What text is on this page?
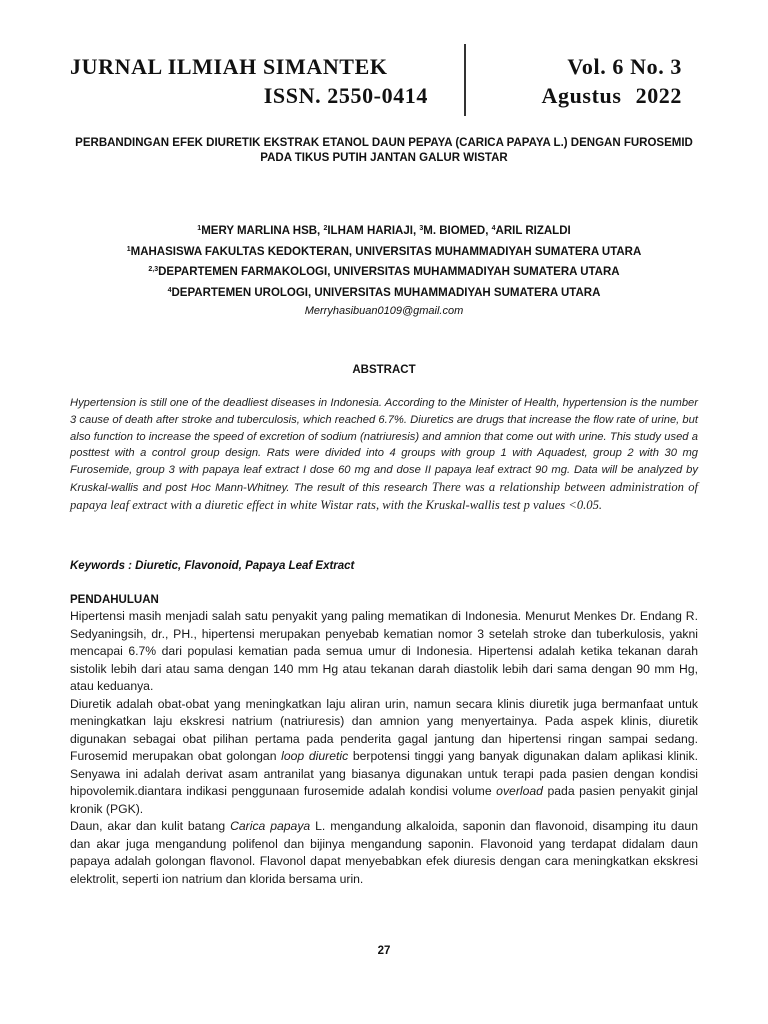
JURNAL ILMIAH SIMANTEK
ISSN. 2550-0414
Vol. 6 No. 3
Agustus 2022
PERBANDINGAN EFEK DIURETIK EKSTRAK ETANOL DAUN PEPAYA (CARICA PAPAYA L.) DENGAN FUROSEMID
PADA TIKUS PUTIH JANTAN GALUR WISTAR
$^1$MERY MARLINA HSB, $^2$ILHAM HARIAJI, $^3$M. BIOMED, $^4$ARIL RIZALDI
$^1$MAHASISWA FAKULTAS KEDOKTERAN, UNIVERSITAS MUHAMMADIYAH SUMATERA UTARA
$^{2,3}$DEPARTEMEN FARMAKOLOGI, UNIVERSITAS MUHAMMADIYAH SUMATERA UTARA
$^4$DEPARTEMEN UROLOGI, UNIVERSITAS MUHAMMADIYAH SUMATERA UTARA
Merryhasibuan0109@gmail.com
ABSTRACT
Hypertension is still one of the deadliest diseases in Indonesia. According to the Minister of Health, hypertension is the number 3 cause of death after stroke and tuberculosis, which reached 6.7%. Diuretics are drugs that increase the flow rate of urine, but also function to increase the speed of excretion of sodium (natriuresis) and amnion that come out with urine. This study used a posttest with a control group design. Rats were divided into 4 groups with group 1 with Aquadest, group 2 with 30 mg Furosemide, group 3 with papaya leaf extract I dose 60 mg and dose II papaya leaf extract 90 mg. Data will be analyzed by Kruskal-wallis and post Hoc Mann-Whitney. The result of this research There was a relationship between administration of papaya leaf extract with a diuretic effect in white Wistar rats, with the Kruskal-wallis test p values <0.05.
Keywords : Diuretic, Flavonoid, Papaya Leaf Extract
PENDAHULUAN

Hipertensi masih menjadi salah satu penyakit yang paling mematikan di Indonesia. Menurut Menkes Dr. Endang R. Sedyaningsih, dr., PH., hipertensi merupakan penyebab kematian nomor 3 setelah stroke dan tuberkulosis, yakni mencapai 6.7% dari populasi kematian pada semua umur di Indonesia. Hipertensi adalah ketika tekanan darah sistolik lebih dari atau sama dengan 140 mm Hg atau tekanan darah diastolik lebih dari sama dengan 90 mm Hg, atau keduanya.

Diuretik adalah obat-obat yang meningkatkan laju aliran urin, namun secara klinis diuretik juga bermanfaat untuk meningkatkan laju ekskresi natrium (natriuresis) dan amnion yang menyertainya. Pada aspek klinis, diuretik digunakan sebagai obat pilihan pertama pada penderita gagal jantung dan hipertensi ringan sampai sedang. Furosemid merupakan obat golongan loop diuretic berpotensi tinggi yang banyak digunakan dalam aplikasi klinik. Senyawa ini adalah derivat asam antranilat yang biasanya digunakan untuk terapi pada pasien dengan kondisi hipovolemik.diantara indikasi penggunaan furosemide adalah kondisi volume overload pada pasien penyakit ginjal kronik (PGK).

Daun, akar dan kulit batang Carica papaya L. mengandung alkaloida, saponin dan flavonoid, disamping itu daun dan akar juga mengandung polifenol dan bijinya mengandung saponin. Flavonoid yang terdapat didalam daun papaya adalah golongan flavonol. Flavonol dapat menyebabkan efek diuresis dengan cara meningkatkan ekskresi elektrolit, seperti ion natrium dan klorida bersama urin.

27
